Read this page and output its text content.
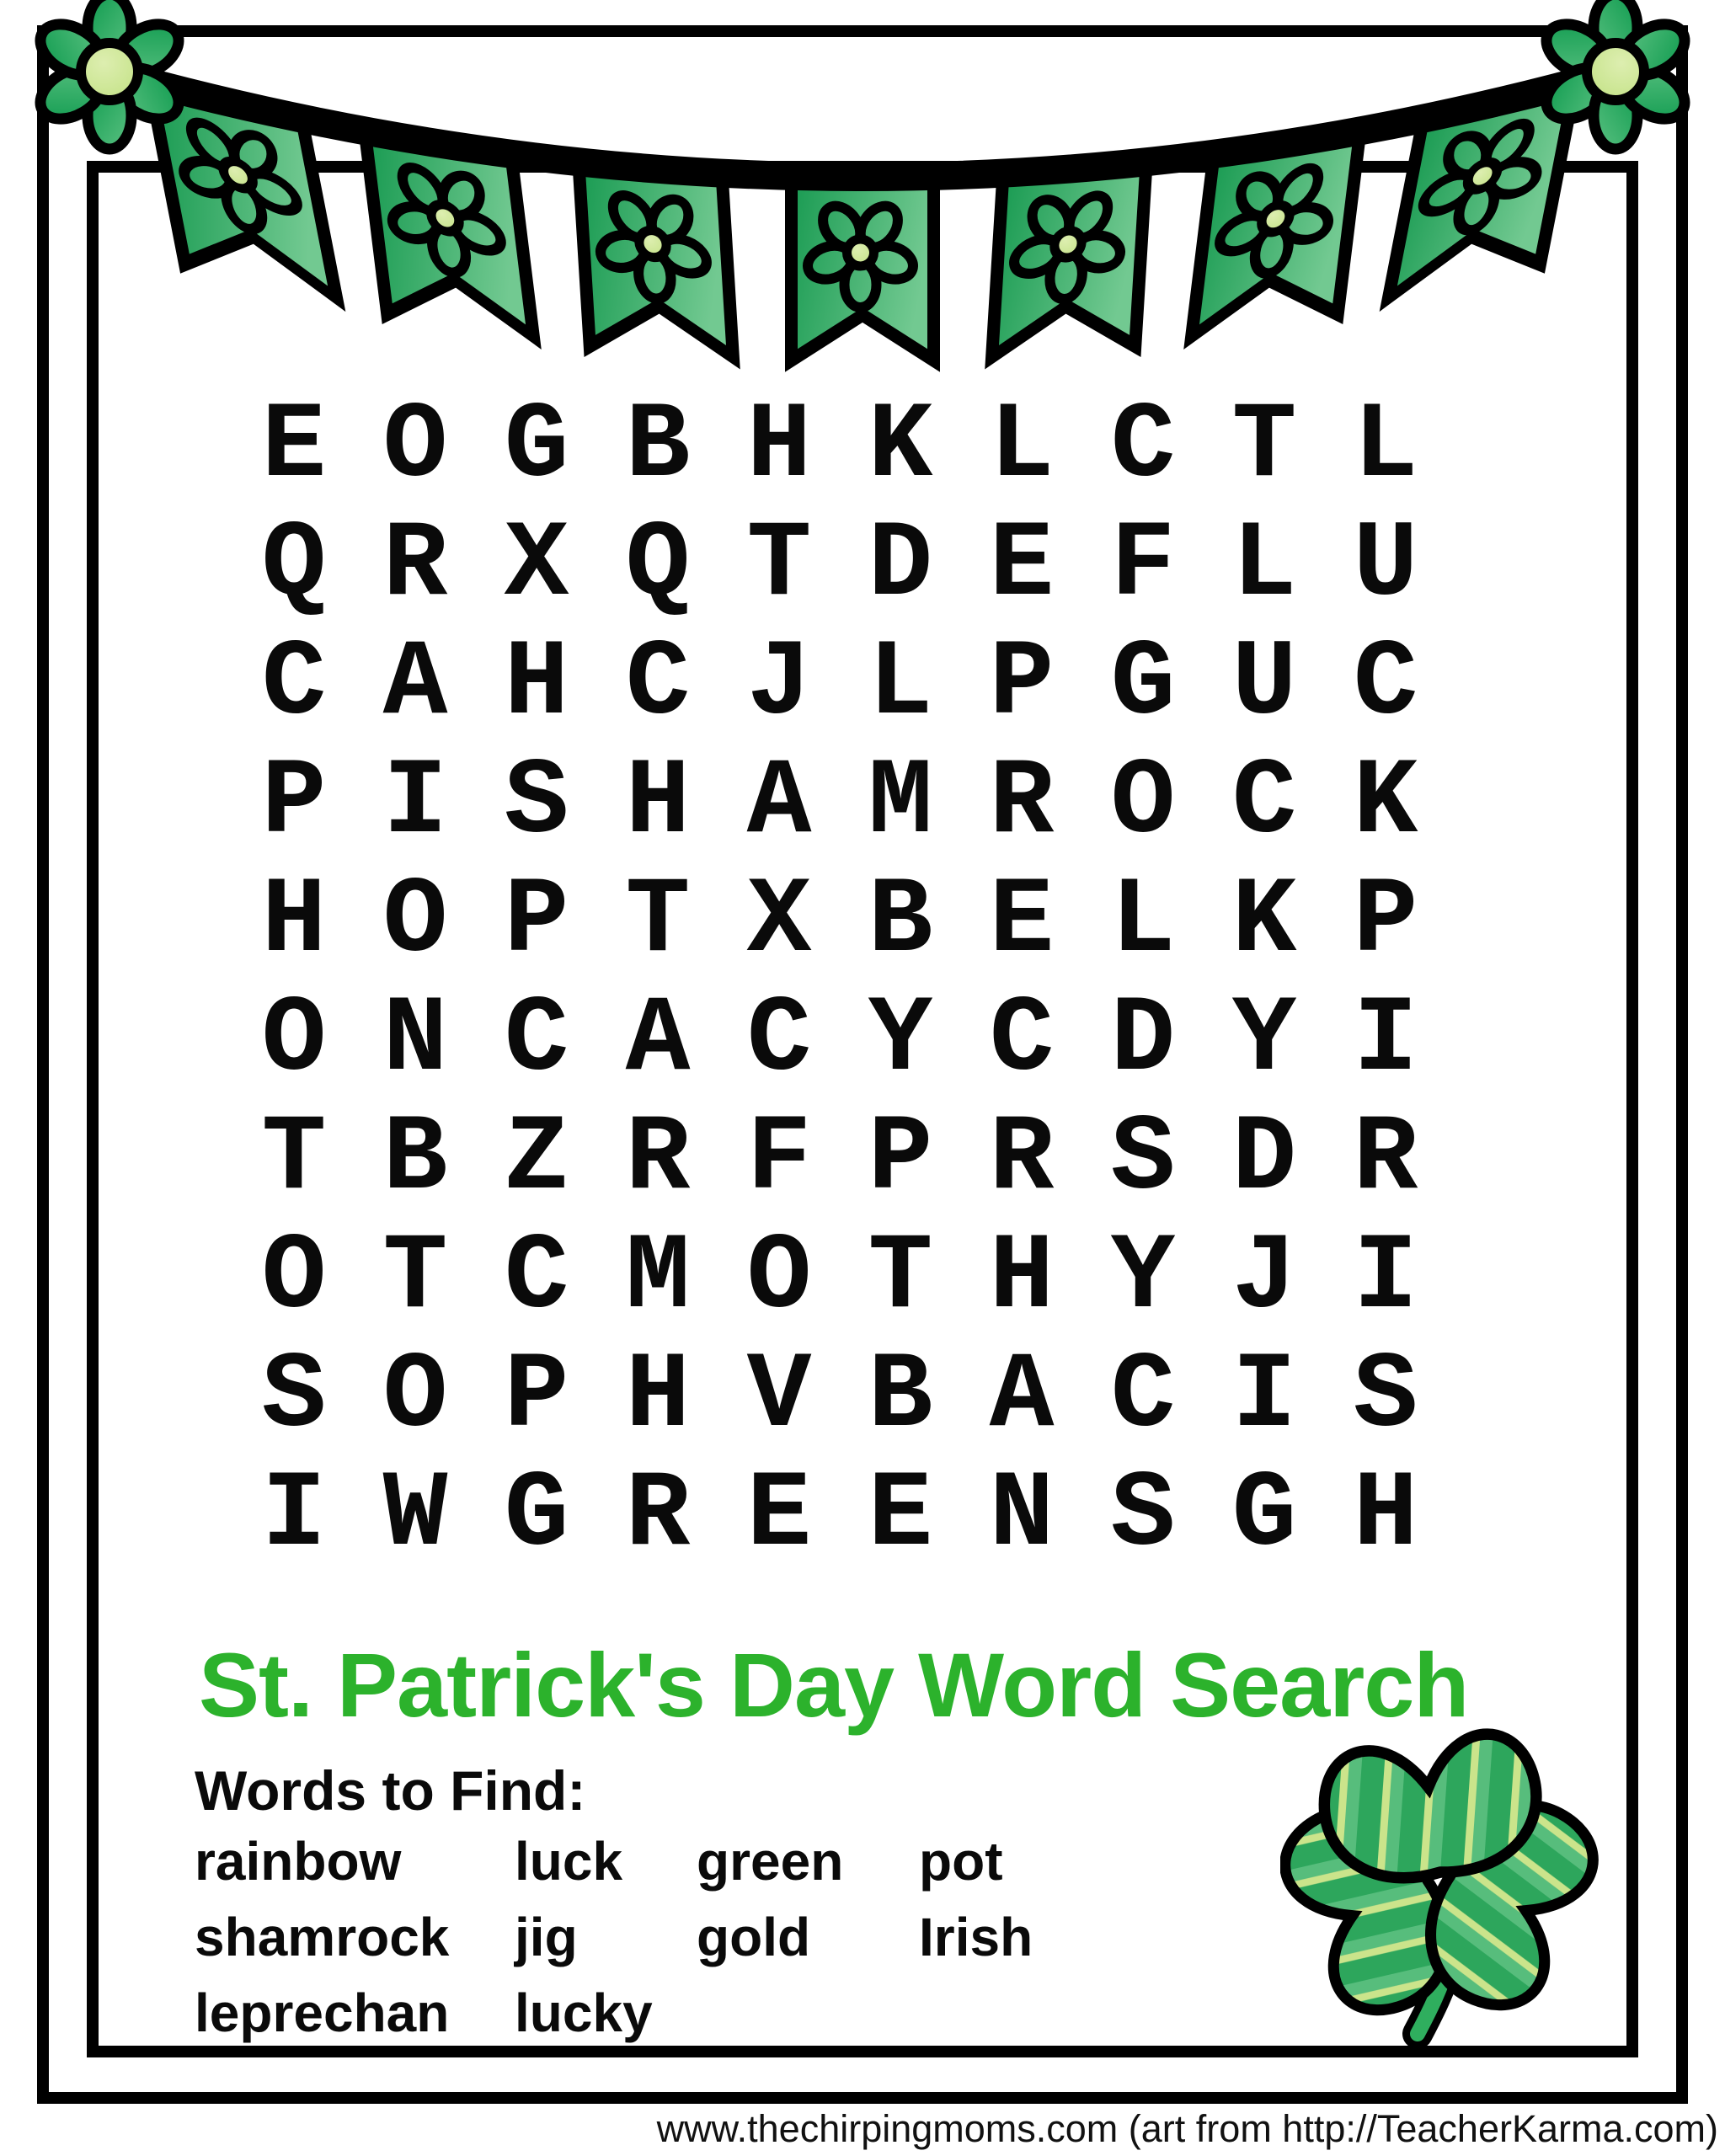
E O G B H K L C T L
Q R X Q T D E F L U
C A H C J L P G U C
P I S H A M R O C K
H O P T X B E L K P
O N C A C Y C D Y I
T B Z R F P R S D R
O T C M O T H Y J I
S O P H V B A C I S
I W G R E E N S G H
St. Patrick's Day Word Search
Words to Find:
rainbow	luck	green	pot
shamrock	jig	gold	Irish
leprechan	lucky
www.thechirpingmoms.com (art from http://TeacherKarma.com)
